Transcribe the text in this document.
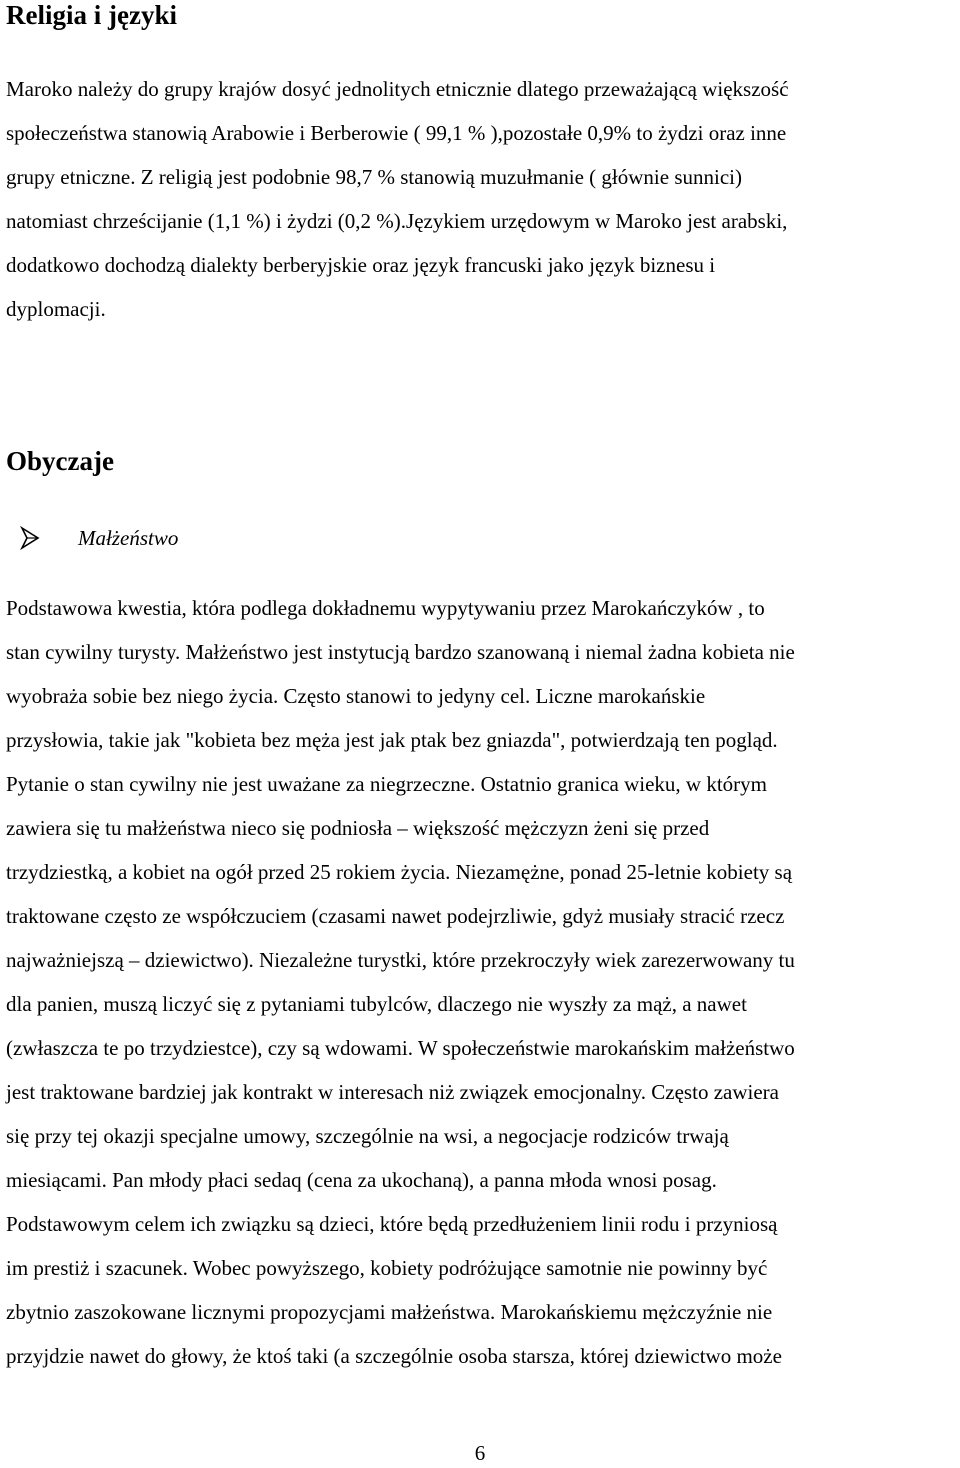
Religia i języki

Maroko należy do grupy krajów dosyć jednolitych etnicznie dlatego przeważającą większość
społeczeństwa stanowią Arabowie i Berberowie ( 99,1 % ),pozostałe 0,9% to żydzi oraz inne
grupy etniczne. Z religią jest podobnie 98,7 % stanowią muzułmanie ( głównie sunnici)
natomiast chrześcijanie (1,1 %) i żydzi (0,2 %).Językiem urzędowym w Maroko jest arabski,
dodatkowo dochodzą dialekty berberyjskie oraz język francuski jako język biznesu i
dyplomacji.

Obyczaje
Małżeństwo

Podstawowa kwestia, która podlega dokładnemu wypytywaniu przez Marokańczyków , to
stan cywilny turysty. Małżeństwo jest instytucją bardzo szanowaną i niemal żadna kobieta nie
wyobraża sobie bez niego życia. Często stanowi to jedyny cel. Liczne marokańskie
przysłowia, takie jak "kobieta bez męża jest jak ptak bez gniazda", potwierdzają ten pogląd.
Pytanie o stan cywilny nie jest uważane za niegrzeczne. Ostatnio granica wieku, w którym
zawiera się tu małżeństwa nieco się podniosła – większość mężczyzn żeni się przed
trzydziestką, a kobiet na ogół przed 25 rokiem życia. Niezamężne, ponad 25-letnie kobiety są
traktowane często ze współczuciem (czasami nawet podejrzliwie, gdyż musiały stracić rzecz
najważniejszą – dziewictwo). Niezależne turystki, które przekroczyły wiek zarezerwowany tu
dla panien, muszą liczyć się z pytaniami tubylców, dlaczego nie wyszły za mąż, a nawet
(zwłaszcza te po trzydziestce), czy są wdowami. W społeczeństwie marokańskim małżeństwo
jest traktowane bardziej jak kontrakt w interesach niż związek emocjonalny. Często zawiera
się przy tej okazji specjalne umowy, szczególnie na wsi, a negocjacje rodziców trwają
miesiącami. Pan młody płaci sedaq (cena za ukochaną), a panna młoda wnosi posag.
Podstawowym celem ich związku są dzieci, które będą przedłużeniem linii rodu i przyniosą
im prestiż i szacunek. Wobec powyższego, kobiety podróżujące samotnie nie powinny być
zbytnio zaszokowane licznymi propozycjami małżeństwa. Marokańskiemu mężczyźnie nie
przyjdzie nawet do głowy, że ktoś taki (a szczególnie osoba starsza, której dziewictwo może

6
